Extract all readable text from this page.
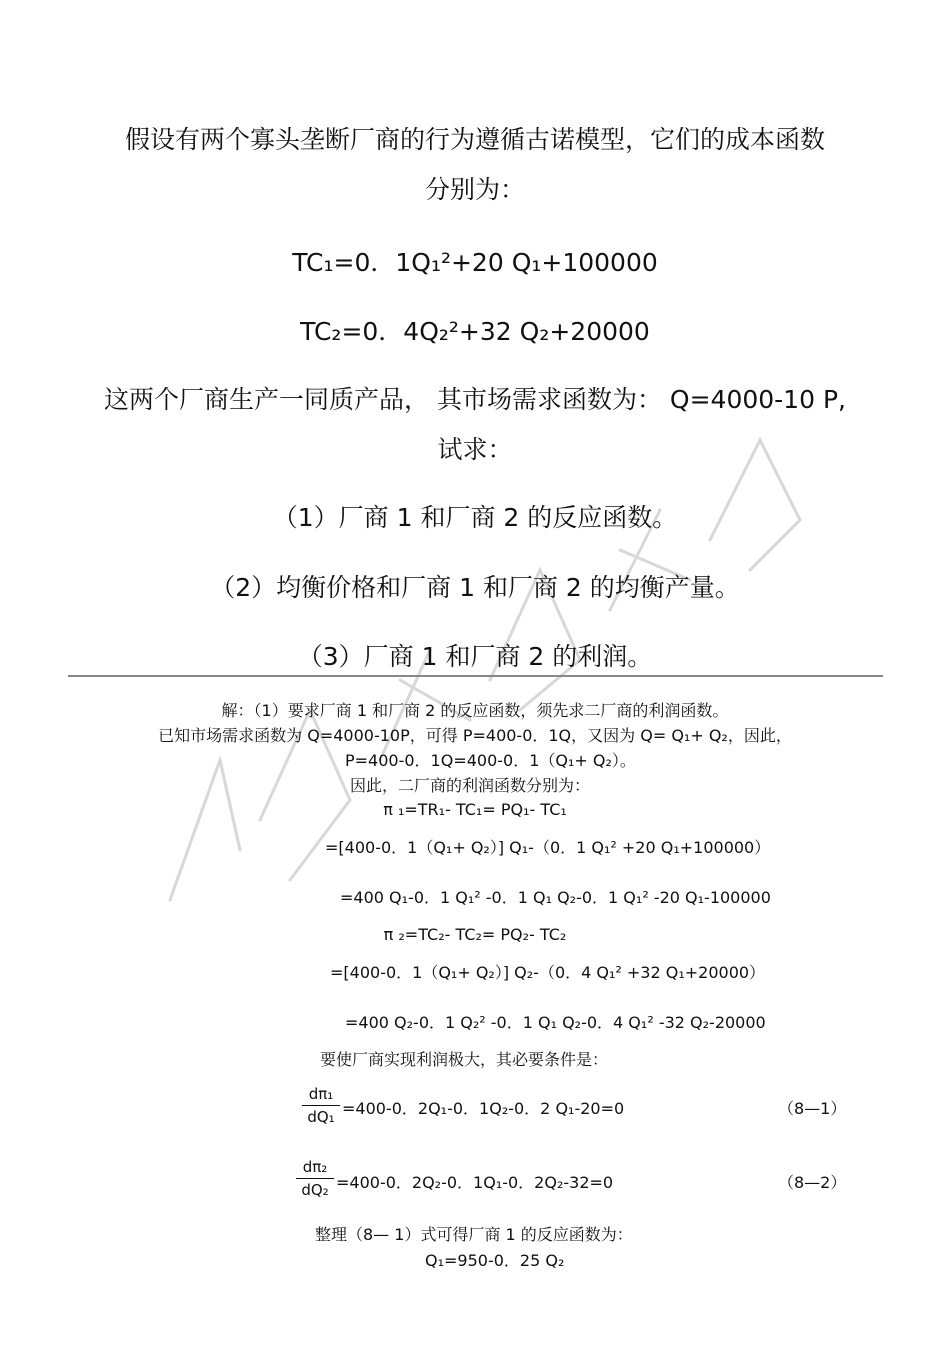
假设有两个寡头垄断厂商的行为遵循古诺模型，它们的成本函数
分别为：
TC₁=0．1Q₁²+20 Q₁+100000
TC₂=0．4Q₂²+32 Q₂+20000
这两个厂商生产一同质产品， 其市场需求函数为： Q=4000-10 P,
试求：
（1）厂商 1 和厂商 2 的反应函数。
（2）均衡价格和厂商 1 和厂商 2 的均衡产量。
（3）厂商 1 和厂商 2 的利润。
解：（1）要求厂商 1 和厂商 2 的反应函数，须先求二厂商的利润函数。
已知市场需求函数为 Q=4000-10P，可得 P=400-0．1Q，又因为 Q= Q₁+ Q₂，因此，
P=400-0．1Q=400-0．1（Q₁+ Q₂）。
因此，二厂商的利润函数分别为：
π ₁=TR₁- TC₁= PQ₁- TC₁
=[400-0．1（Q₁+ Q₂）] Q₁-（0．1 Q₁² +20 Q₁+100000）
=400 Q₁-0．1 Q₁² -0．1 Q₁ Q₂-0．1 Q₁² -20 Q₁-100000
π ₂=TC₂- TC₂= PQ₂- TC₂
=[400-0．1（Q₁+ Q₂）] Q₂-（0．4 Q₁² +32 Q₁+20000）
=400 Q₂-0．1 Q₂² -0．1 Q₁ Q₂-0．4 Q₁² -32 Q₂-20000
要使厂商实现利润极大，其必要条件是：
dπ₁
dQ₁ =400-0．2Q₁-0．1Q₂-0．2 Q₁-20=0	（8—1）
dπ₂
dQ₂ =400-0．2Q₂-0．1Q₁-0．2Q₂-32=0	（8—2）
整理（8— 1）式可得厂商 1 的反应函数为：
Q₁=950-0．25 Q₂
